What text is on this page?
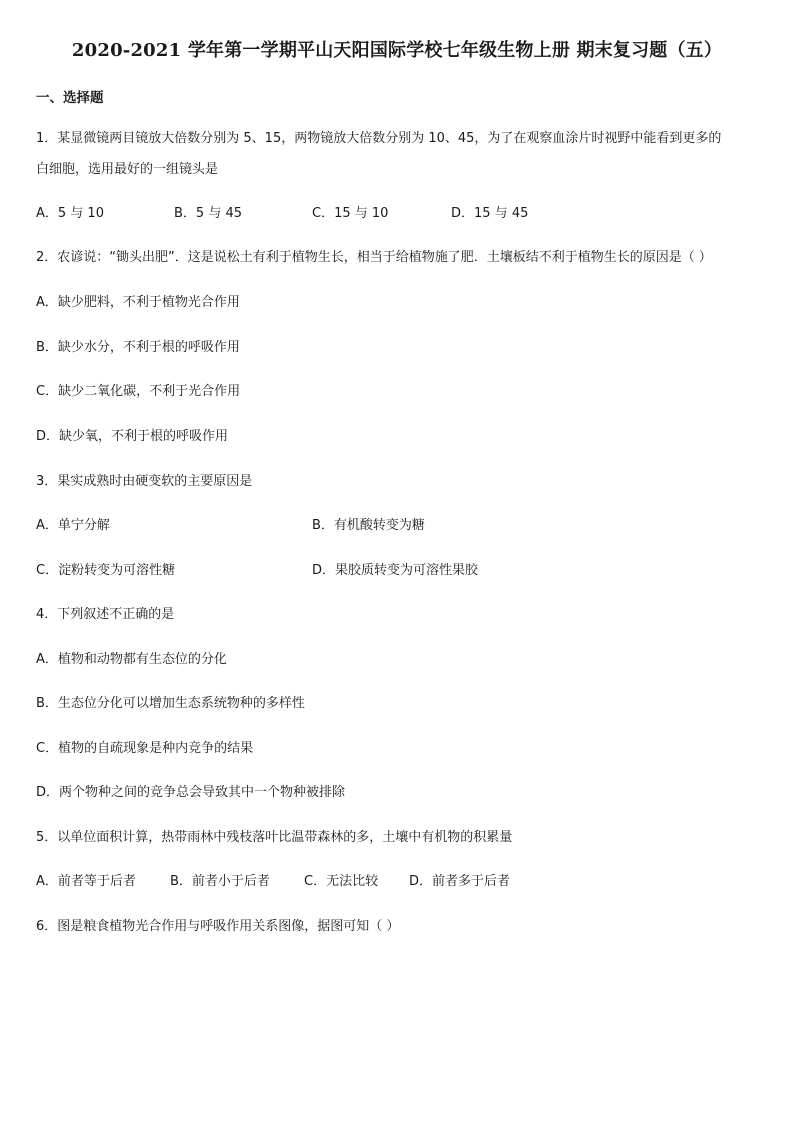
2020-2021 学年第一学期平山天阳国际学校七年级生物上册 期末复习题（五）
一、选择题
1．某显微镜两目镜放大倍数分别为 5、15，两物镜放大倍数分别为 10、45，为了在观察血涂片时视野中能看到更多的
白细胞，选用最好的一组镜头是
A．5 与 10	B．5 与 45	C．15 与 10	D．15 与 45
2．农谚说：“锄头出肥”．这是说松土有利于植物生长，相当于给植物施了肥．土壤板结不利于植物生长的原因是（ ）
A．缺少肥料，不利于植物光合作用
B．缺少水分，不利于根的呼吸作用
C．缺少二氧化碳，不利于光合作用
D．缺少氧，不利于根的呼吸作用
3．果实成熟时由硬变软的主要原因是
A．单宁分解	B．有机酸转变为糖
C．淀粉转变为可溶性糖	D．果胶质转变为可溶性果胶
4．下列叙述不正确的是
A．植物和动物都有生态位的分化
B．生态位分化可以增加生态系统物种的多样性
C．植物的自疏现象是种内竞争的结果
D．两个物种之间的竞争总会导致其中一个物种被排除
5．以单位面积计算，热带雨林中残枝落叶比温带森林的多，土壤中有机物的积累量
A．前者等于后者	B．前者小于后者	C．无法比较 D．前者多于后者
6．图是粮食植物光合作用与呼吸作用关系图像，据图可知（ ）
